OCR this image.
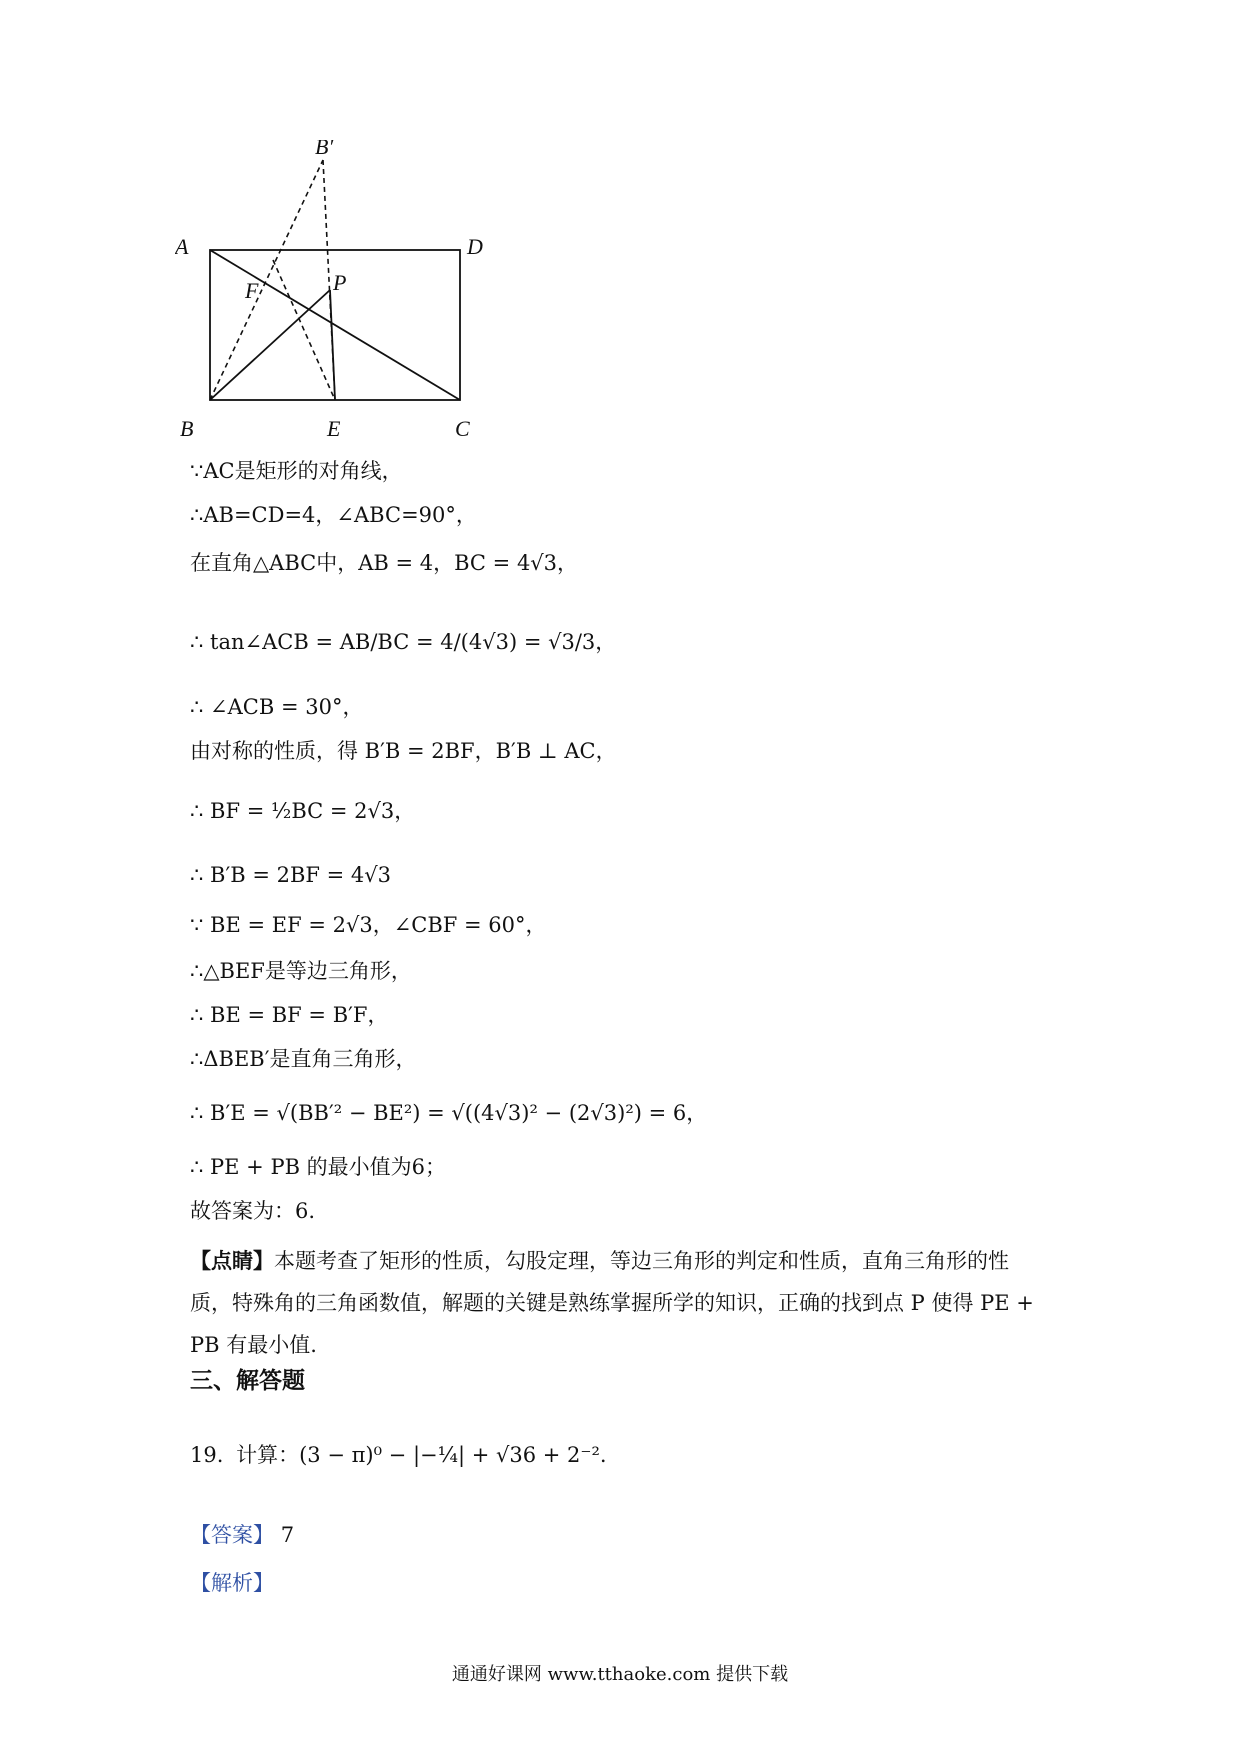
B′
A	D
F	P
B	E	C
∵AC是矩形的对角线，
∴AB=CD=4，∠ABC=90°，
在直角△ABC中，AB = 4，BC = 4√3，
∴ tan∠ACB = AB/BC = 4/(4√3) = √3/3，
∴ ∠ACB = 30°，
由对称的性质，得 B′B = 2BF，B′B ⊥ AC，
∴ BF = ½BC = 2√3，
∴ B′B = 2BF = 4√3
∵ BE = EF = 2√3，∠CBF = 60°，
∴△BEF是等边三角形，
∴ BE = BF = B′F，
∴ΔBEB′是直角三角形，
∴ B′E = √(BB′² − BE²) = √((4√3)² − (2√3)²) = 6，
∴ PE + PB 的最小值为6；
故答案为：6.
【点睛】本题考查了矩形的性质，勾股定理，等边三角形的判定和性质，直角三角形的性质，特殊角的三角函数值，解题的关键是熟练掌握所学的知识，正确的找到点 P 使得 PE + PB 有最小值.
三、解答题
19. 计算：(3 − π)⁰ − |−¼| + √36 + 2⁻².
【答案】 7
【解析】
通通好课网 www.tthaoke.com 提供下载
